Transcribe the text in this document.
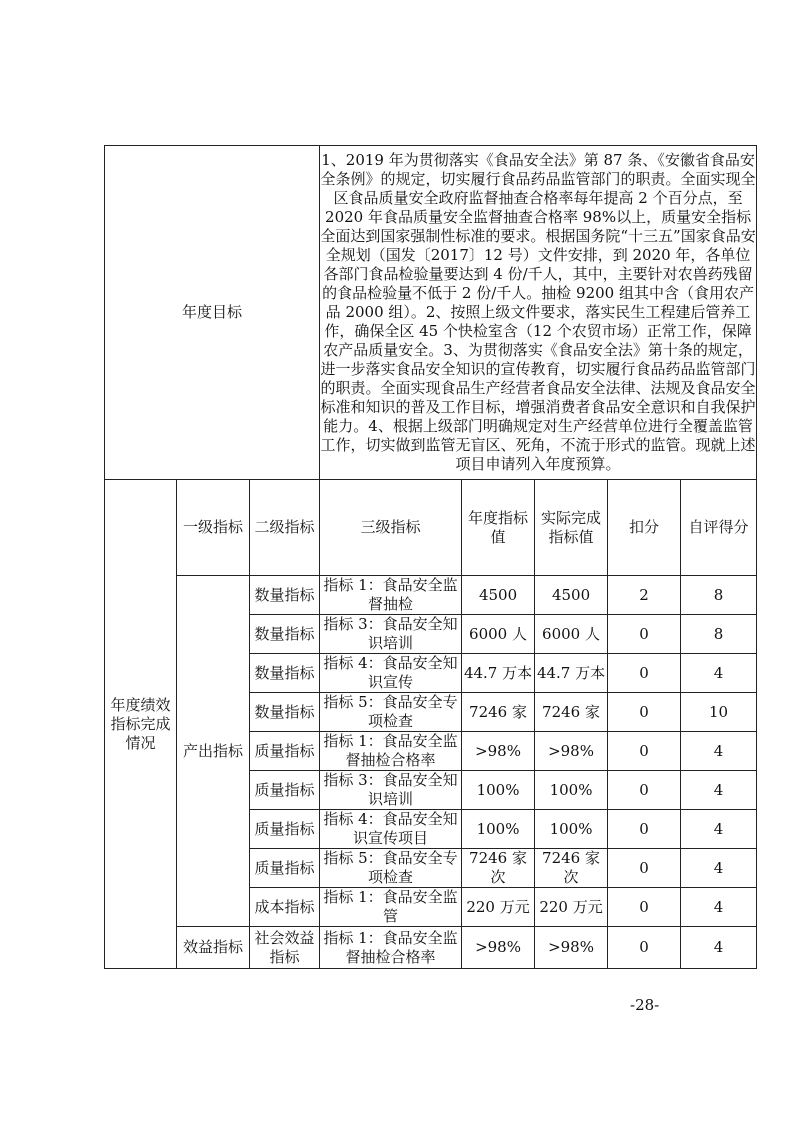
年度目标			1、2019 年为贯彻落实《食品安全法》第 87 条、《安徽省食品安全条例》的规定，切实履行食品药品监管部门的职责。全面实现全区食品质量安全政府监督抽查合格率每年提高 2 个百分点，至 2020 年食品质量安全监督抽查合格率 98%以上，质量安全指标全面达到国家强制性标准的要求。根据国务院“十三五”国家食品安全规划（国发〔2017〕12 号）文件安排，到 2020 年，各单位各部门食品检验量要达到 4 份/千人，其中，主要针对农兽药残留的食品检验量不低于 2 份/千人。抽检 9200 组其中含（食用农产品 2000 组）。2、按照上级文件要求，落实民生工程建后管养工作，确保全区 45 个快检室含（12 个农贸市场）正常工作，保障农产品质量安全。3、为贯彻落实《食品安全法》第十条的规定，进一步落实食品安全知识的宣传教育，切实履行食品药品监管部门的职责。全面实现食品生产经营者食品安全法律、法规及食品安全标准和知识的普及工作目标，增强消费者食品安全意识和自我保护能力。4、根据上级部门明确规定对生产经营单位进行全覆盖监管工作，切实做到监管无盲区、死角，不流于形式的监管。现就上述项目申请列入年度预算。				
年度绩效指标完成情况	一级指标	二级指标	三级指标	年度指标值	实际完成指标值	扣分	自评得分
	产出指标	数量指标	指标 1：食品安全监督抽检	4500	4500	2	8
		数量指标	指标 3：食品安全知识培训	6000 人	6000 人	0	8
		数量指标	指标 4：食品安全知识宣传	44.7 万本	44.7 万本	0	4
		数量指标	指标 5：食品安全专项检查	7246 家	7246 家	0	10
		质量指标	指标 1：食品安全监督抽检合格率	>98%	>98%	0	4
		质量指标	指标 3：食品安全知识培训	100%	100%	0	4
		质量指标	指标 4：食品安全知识宣传项目	100%	100%	0	4
		质量指标	指标 5：食品安全专项检查	7246 家次	7246 家次	0	4
		成本指标	指标 1：食品安全监管	220 万元	220 万元	0	4
	效益指标	社会效益指标	指标 1：食品安全监督抽检合格率	>98%	>98%	0	4
-28-
